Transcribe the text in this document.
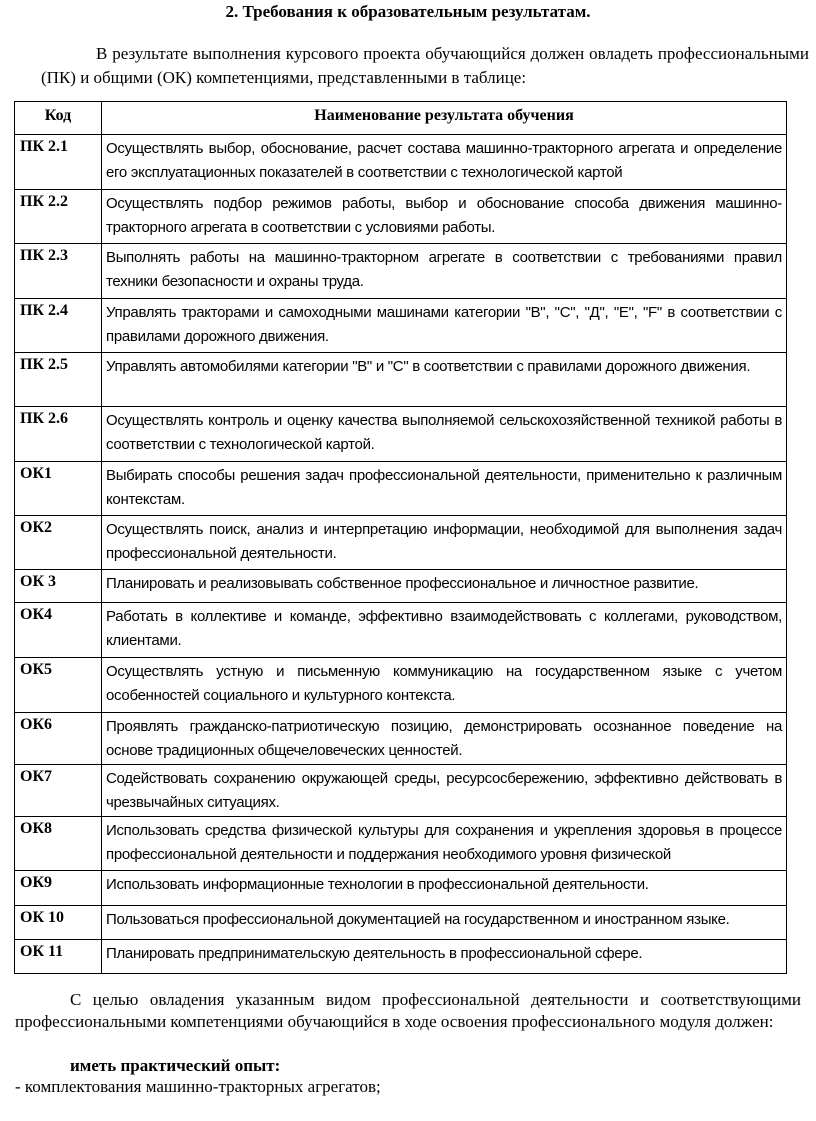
2. Требования к образовательным результатам.

В результате выполнения курсового проекта обучающийся должен овладеть профессиональными (ПК) и общими (ОК) компетенциями, представленными в таблице:

Код	Наименование результата обучения
ПК 2.1	Осуществлять выбор, обоснование, расчет состава машинно-тракторного агрегата и определение его эксплуатационных показателей в соответствии с технологической картой
ПК 2.2	Осуществлять подбор режимов работы, выбор и обоснование способа движения машинно-тракторного агрегата в соответствии с условиями работы.
ПК 2.3	Выполнять работы на машинно-тракторном агрегате в соответствии с требованиями правил техники безопасности и охраны труда.
ПК 2.4	Управлять тракторами и самоходными машинами категории "В", "С", "Д", "Е", "F" в соответствии с правилами дорожного движения.
ПК 2.5	Управлять автомобилями категории "В" и "С" в соответствии с правилами дорожного движения.
ПК 2.6	Осуществлять контроль и оценку качества выполняемой сельскохозяйственной техникой работы в соответствии с технологической картой.
ОК1	Выбирать способы решения задач профессиональной деятельности, применительно к различным контекстам.
ОК2	Осуществлять поиск, анализ и интерпретацию информации, необходимой для выполнения задач профессиональной деятельности.
ОК 3	Планировать и реализовывать собственное профессиональное и личностное развитие.
ОК4	Работать в коллективе и команде, эффективно взаимодействовать с коллегами, руководством, клиентами.
ОК5	Осуществлять устную и письменную коммуникацию на государственном языке с учетом особенностей социального и культурного контекста.
ОК6	Проявлять гражданско-патриотическую позицию, демонстрировать осознанное поведение на основе традиционных общечеловеческих ценностей.
ОК7	Содействовать сохранению окружающей среды, ресурсосбережению, эффективно действовать в чрезвычайных ситуациях.
ОК8	Использовать средства физической культуры для сохранения и укрепления здоровья в процессе профессиональной деятельности и поддержания необходимого уровня физической
ОК9	Использовать информационные технологии в профессиональной деятельности.
ОК 10	Пользоваться профессиональной документацией на государственном и иностранном языке.
ОК 11	Планировать предпринимательскую деятельность в профессиональной сфере.

С целью овладения указанным видом профессиональной деятельности и соответствующими профессиональными компетенциями обучающийся в ходе освоения профессионального модуля должен:

иметь практический опыт:
- комплектования машинно-тракторных агрегатов;
